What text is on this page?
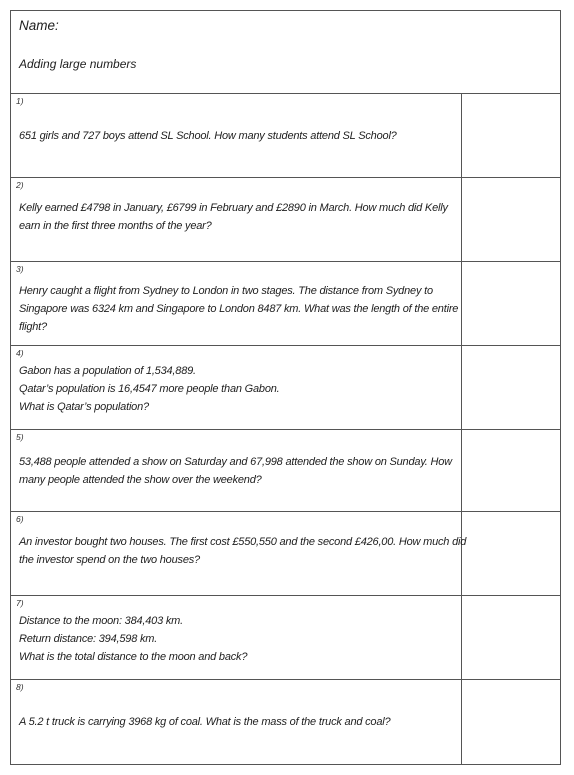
Name:
Adding large numbers
1)
651 girls and 727 boys attend SL School. How many students attend SL School?
2)
Kelly earned £4798 in January, £6799 in February and £2890 in March. How much did Kelly
earn in the first three months of the year?
3)
Henry caught a flight from Sydney to London in two stages. The distance from Sydney to
Singapore was 6324 km and Singapore to London 8487 km. What was the length of the entire
flight?
4)
Gabon has a population of 1,534,889.
Qatar’s population is 16,4547 more people than Gabon.
What is Qatar’s population?
5)
53,488 people attended a show on Saturday and 67,998 attended the show on Sunday. How
many people attended the show over the weekend?
6)
An investor bought two houses. The first cost £550,550 and the second £426,00. How much did
the investor spend on the two houses?
7)
Distance to the moon: 384,403 km.
Return distance: 394,598 km.
What is the total distance to the moon and back?
8)
A 5.2 t truck is carrying 3968 kg of coal. What is the mass of the truck and coal?
